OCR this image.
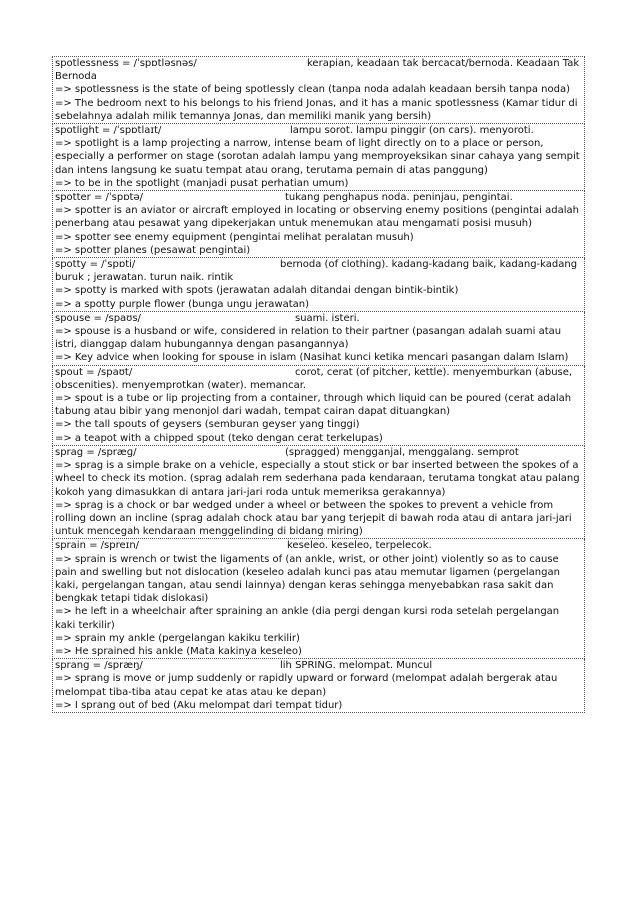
spotlessness = /ˈspɒtləsnəs/	kerapian, keadaan tak bercacat/bernoda. Keadaan Tak Bernoda
=> spotlessness is the state of being spotlessly clean (tanpa noda adalah keadaan bersih tanpa noda)
=> The bedroom next to his belongs to his friend Jonas, and it has a manic spotlessness (Kamar tidur di sebelahnya adalah milik temannya Jonas, dan memiliki manik yang bersih)
spotlight = /ˈspɒtlaɪt/	lampu sorot. lampu pinggir (on cars). menyoroti.
=> spotlight is a lamp projecting a narrow, intense beam of light directly on to a place or person, especially a performer on stage (sorotan adalah lampu yang memproyeksikan sinar cahaya yang sempit dan intens langsung ke suatu tempat atau orang, terutama pemain di atas panggung)
=> to be in the spotlight (manjadi pusat perhatian umum)
spotter = /ˈspɒtə/	tukang penghapus noda. peninjau, pengintai.
=> spotter is an aviator or aircraft employed in locating or observing enemy positions (pengintai adalah penerbang atau pesawat yang dipekerjakan untuk menemukan atau mengamati posisi musuh)
=> spotter see enemy equipment (pengintai melihat peralatan musuh)
=> spotter planes (pesawat pengintai)
spotty = /ˈspɒti/	bernoda (of clothing). kadang-kadang baik, kadang-kadang buruk ; jerawatan. turun naik. rintik
=> spotty is marked with spots (jerawatan adalah ditandai dengan bintik-bintik)
=> a spotty purple flower (bunga ungu jerawatan)
spouse = /spaʊs/	suami. isteri.
=> spouse is a husband or wife, considered in relation to their partner (pasangan adalah suami atau istri, dianggap dalam hubungannya dengan pasangannya)
=> Key advice when looking for spouse in islam (Nasihat kunci ketika mencari pasangan dalam Islam)
spout = /spaʊt/	corot, cerat (of pitcher, kettle). menyemburkan (abuse, obscenities). menyemprotkan (water). memancar.
=> spout is a tube or lip projecting from a container, through which liquid can be poured (cerat adalah tabung atau bibir yang menonjol dari wadah, tempat cairan dapat dituangkan)
=> the tall spouts of geysers (semburan geyser yang tinggi)
=> a teapot with a chipped spout (teko dengan cerat terkelupas)
sprag = /spræɡ/	(spragged) mengganjal, menggalang. semprot
=> sprag is a simple brake on a vehicle, especially a stout stick or bar inserted between the spokes of a wheel to check its motion. (sprag adalah rem sederhana pada kendaraan, terutama tongkat atau palang kokoh yang dimasukkan di antara jari-jari roda untuk memeriksa gerakannya)
=> sprag is a chock or bar wedged under a wheel or between the spokes to prevent a vehicle from rolling down an incline (sprag adalah chock atau bar yang terjepit di bawah roda atau di antara jari-jari untuk mencegah kendaraan menggelinding di bidang miring)
sprain = /spreɪn/	keseleo. keseleo, terpelecok.
=> sprain is wrench or twist the ligaments of (an ankle, wrist, or other joint) violently so as to cause pain and swelling but not dislocation (keseleo adalah kunci pas atau memutar ligamen (pergelangan kaki, pergelangan tangan, atau sendi lainnya) dengan keras sehingga menyebabkan rasa sakit dan bengkak tetapi tidak dislokasi)
=> he left in a wheelchair after spraining an ankle (dia pergi dengan kursi roda setelah pergelangan kaki terkilir)
=> sprain my ankle (pergelangan kakiku terkilir)
=> He sprained his ankle (Mata kakinya keseleo)
sprang = /spræŋ/	lih SPRING. melompat. Muncul
=> sprang is move or jump suddenly or rapidly upward or forward (melompat adalah bergerak atau melompat tiba-tiba atau cepat ke atas atau ke depan)
=> I sprang out of bed (Aku melompat dari tempat tidur)
